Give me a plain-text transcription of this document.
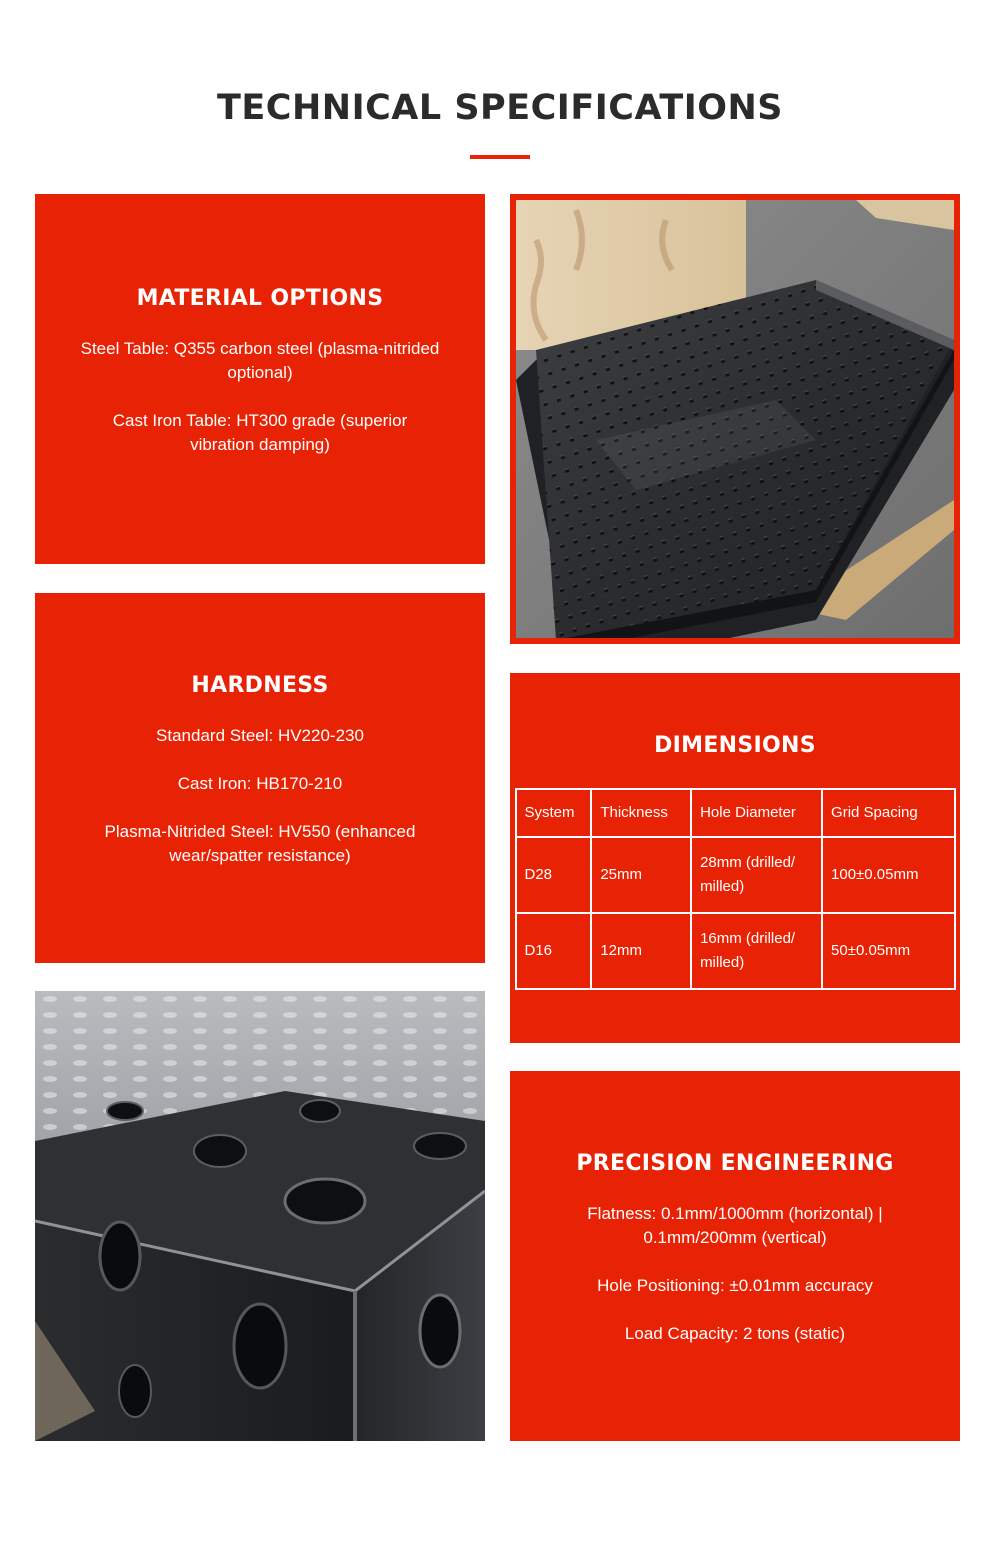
TECHNICAL SPECIFICATIONS
MATERIAL OPTIONS

Steel Table: Q355 carbon steel (plasma-nitrided optional)

Cast Iron Table: HT300 grade (superior vibration damping)

HARDNESS

Standard Steel: HV220-230

Cast Iron: HB170-210

Plasma-Nitrided Steel: HV550 (enhanced wear/spatter resistance)

DIMENSIONS
System	Thickness	Hole Diameter	Grid Spacing
D28	25mm	28mm (drilled/ milled)	100±0.05mm
D16	12mm	16mm (drilled/ milled)	50±0.05mm
PRECISION ENGINEERING

Flatness: 0.1mm/1000mm (horizontal) | 0.1mm/200mm (vertical)

Hole Positioning: ±0.01mm accuracy

Load Capacity: 2 tons (static)
